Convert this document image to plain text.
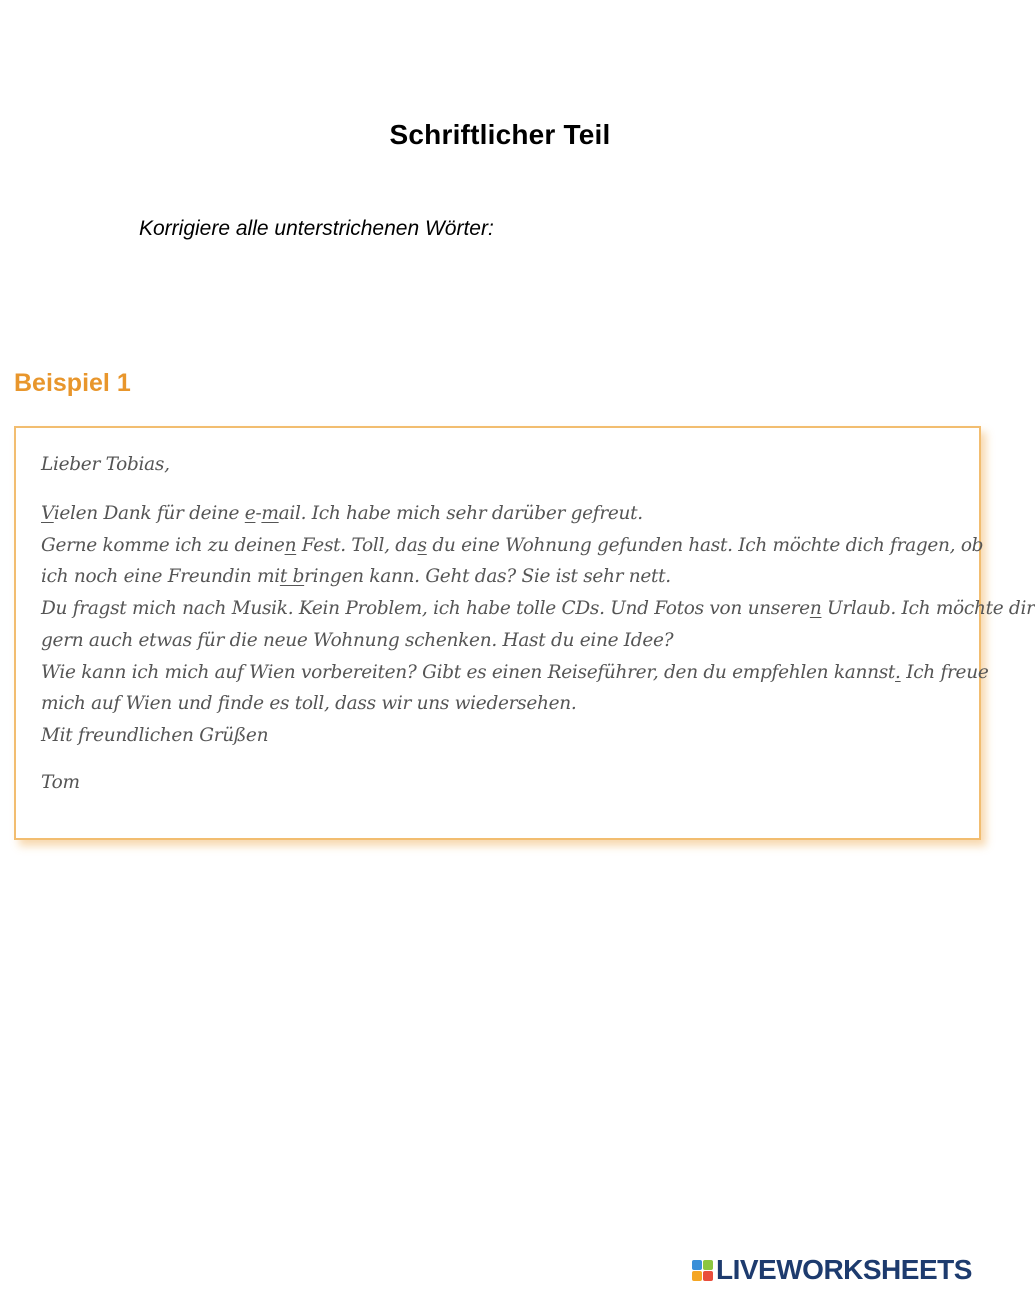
Schriftlicher Teil
Korrigiere alle unterstrichenen Wörter:
Beispiel 1
Lieber Tobias,
Vielen Dank für deine e-mail. Ich habe mich sehr darüber gefreut.
Gerne komme ich zu deinen Fest. Toll, das du eine Wohnung gefunden hast. Ich möchte dich fragen, ob
ich noch eine Freundin mit bringen kann. Geht das? Sie ist sehr nett.
Du fragst mich nach Musik. Kein Problem, ich habe tolle CDs. Und Fotos von unseren Urlaub. Ich möchte dir
gern auch etwas für die neue Wohnung schenken. Hast du eine Idee?
Wie kann ich mich auf Wien vorbereiten? Gibt es einen Reiseführer, den du empfehlen kannst. Ich freue
mich auf Wien und finde es toll, dass wir uns wiedersehen.
Mit freundlichen Grüßen
Tom
LIVEWORKSHEETS
